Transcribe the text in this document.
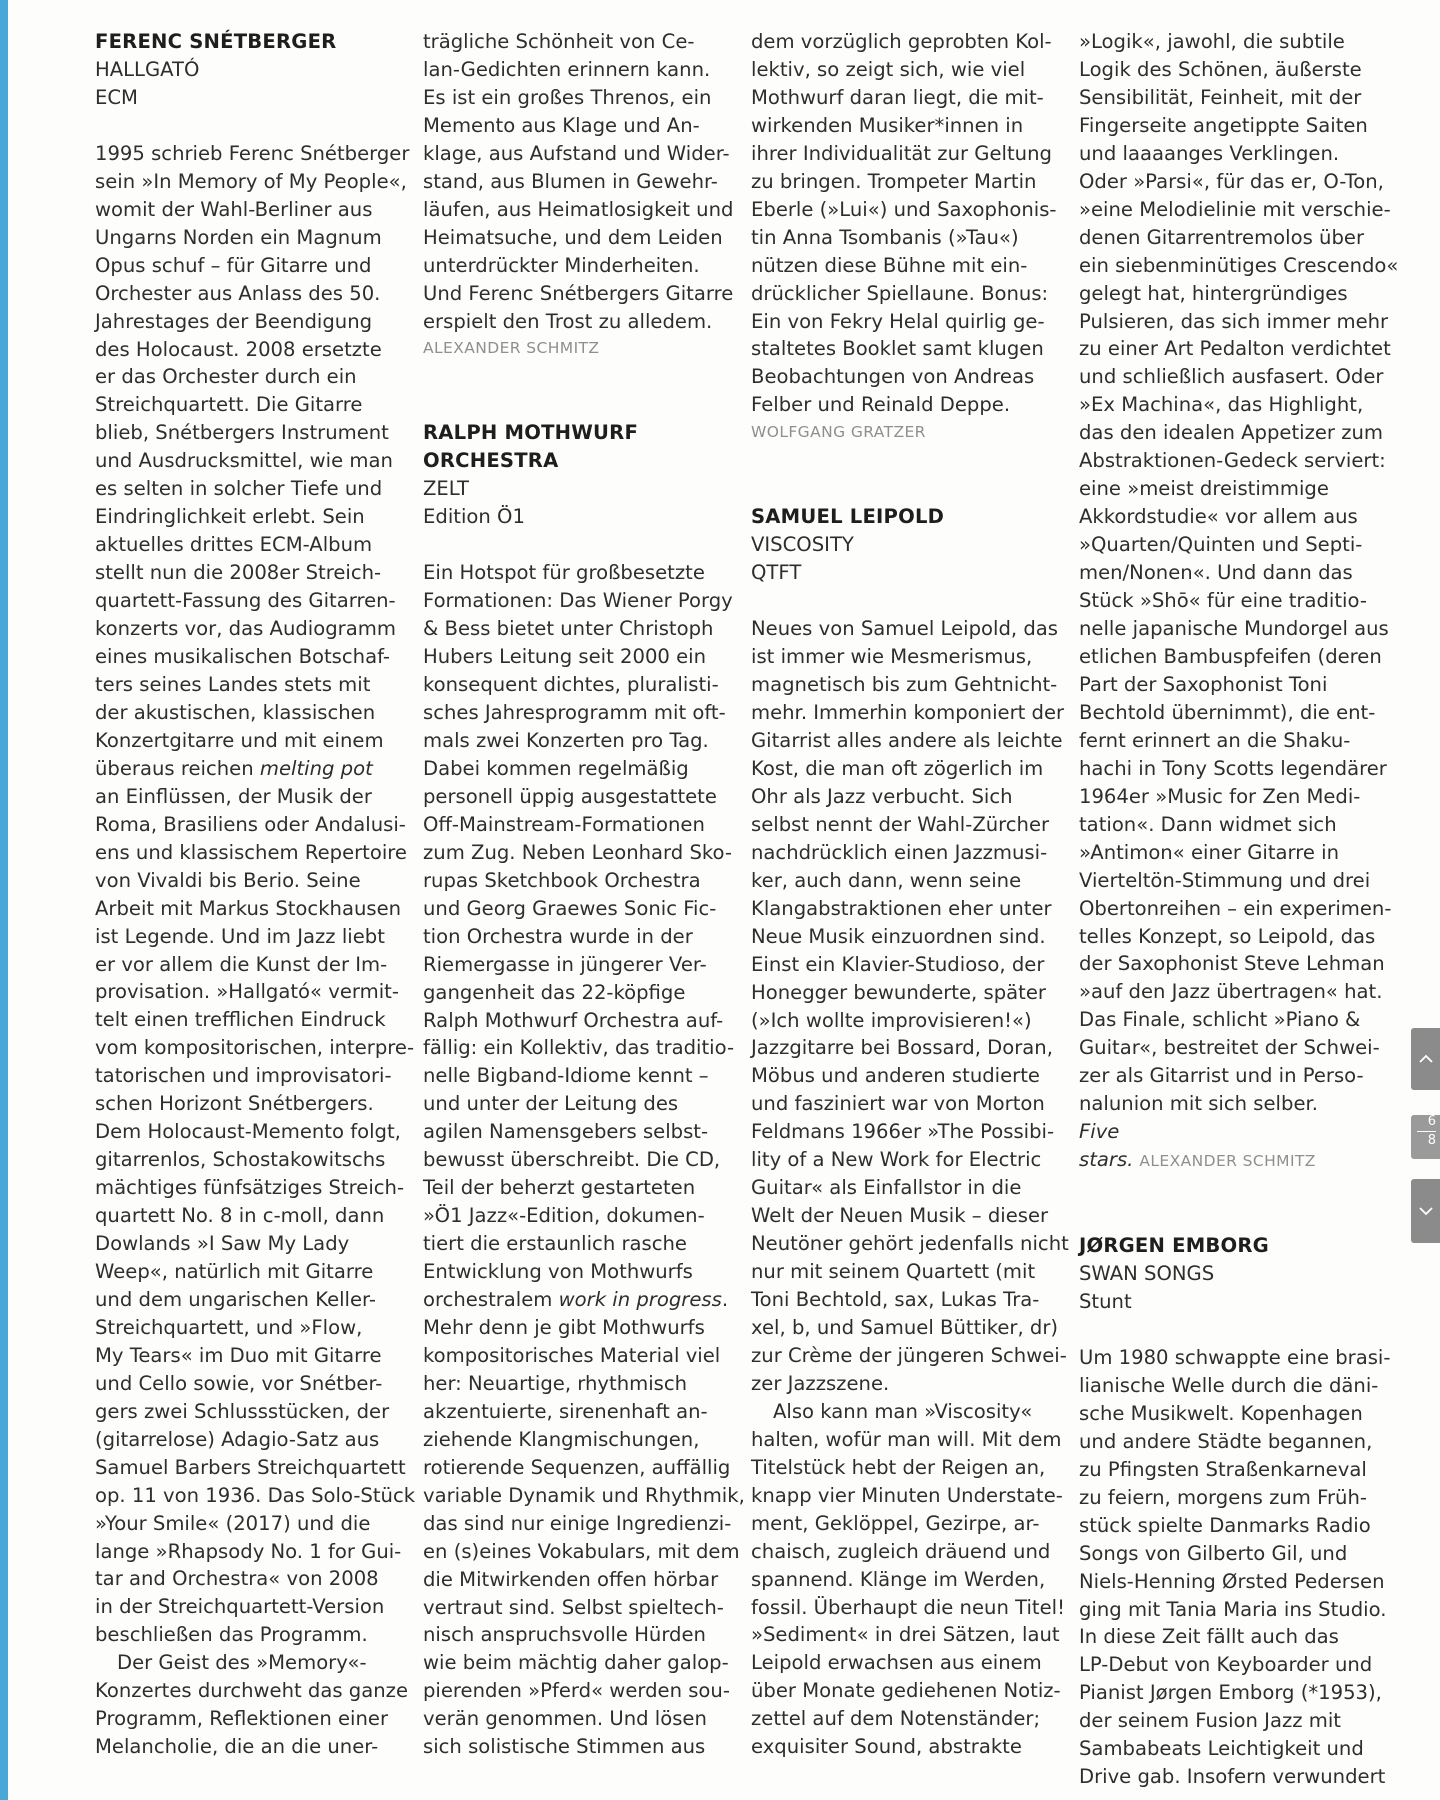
FERENC SNÉTBERGER

HALLGATÓ

ECM

1995 schrieb Ferenc Snétberger

sein »In Memory of My People«,

womit der Wahl-Berliner aus

Ungarns Norden ein Magnum

Opus schuf – für Gitarre und

Orchester aus Anlass des 50.

Jahrestages der Beendigung

des Holocaust. 2008 ersetzte

er das Orchester durch ein

Streichquartett. Die Gitarre

blieb, Snétbergers Instrument

und Ausdrucksmittel, wie man

es selten in solcher Tiefe und

Eindringlichkeit erlebt. Sein

aktuelles drittes ECM-Album

stellt nun die 2008er Streich-

quartett-Fassung des Gitarren-

konzerts vor, das Audiogramm

eines musikalischen Botschaf-

ters seines Landes stets mit

der akustischen, klassischen

Konzertgitarre und mit einem

überaus reichen melting pot

an Einflüssen, der Musik der

Roma, Brasiliens oder Andalusi-

ens und klassischem Repertoire

von Vivaldi bis Berio. Seine

Arbeit mit Markus Stockhausen

ist Legende. Und im Jazz liebt

er vor allem die Kunst der Im-

provisation. »Hallgató« vermit-

telt einen trefflichen Eindruck

vom kompositorischen, interpre-

tatorischen und improvisatori-

schen Horizont Snétbergers.

Dem Holocaust-Memento folgt,

gitarrenlos, Schostakowitschs

mächtiges fünfsätziges Streich-

quartett No. 8 in c-moll, dann

Dowlands »I Saw My Lady

Weep«, natürlich mit Gitarre

und dem ungarischen Keller-

Streichquartett, und »Flow,

My Tears« im Duo mit Gitarre

und Cello sowie, vor Snétber-

gers zwei Schlussstücken, der

(gitarrelose) Adagio-Satz aus

Samuel Barbers Streichquartett

op. 11 von 1936. Das Solo-Stück

»Your Smile« (2017) und die

lange »Rhapsody No. 1 for Gui-

tar and Orchestra« von 2008

in der Streichquartett-Version

beschließen das Programm.

Der Geist des »Memory«-

Konzertes durchweht das ganze

Programm, Reflektionen einer

Melancholie, die an die uner-

trägliche Schönheit von Ce-

lan-Gedichten erinnern kann.

Es ist ein großes Threnos, ein

Memento aus Klage und An-

klage, aus Aufstand und Wider-

stand, aus Blumen in Gewehr-

läufen, aus Heimatlosigkeit und

Heimatsuche, und dem Leiden

unterdrückter Minderheiten.

Und Ferenc Snétbergers Gitarre

erspielt den Trost zu alledem.

ALEXANDER SCHMITZ

RALPH MOTHWURF

ORCHESTRA

ZELT

Edition Ö1

Ein Hotspot für großbesetzte

Formationen: Das Wiener Porgy

& Bess bietet unter Christoph

Hubers Leitung seit 2000 ein

konsequent dichtes, pluralisti-

sches Jahresprogramm mit oft-

mals zwei Konzerten pro Tag.

Dabei kommen regelmäßig

personell üppig ausgestattete

Off-Mainstream-Formationen

zum Zug. Neben Leonhard Sko-

rupas Sketchbook Orchestra

und Georg Graewes Sonic Fic-

tion Orchestra wurde in der

Riemergasse in jüngerer Ver-

gangenheit das 22-köpfige

Ralph Mothwurf Orchestra auf-

fällig: ein Kollektiv, das traditio-

nelle Bigband-Idiome kennt –

und unter der Leitung des

agilen Namensgebers selbst-

bewusst überschreibt. Die CD,

Teil der beherzt gestarteten

»Ö1 Jazz«-Edition, dokumen-

tiert die erstaunlich rasche

Entwicklung von Mothwurfs

orchestralem work in progress.

Mehr denn je gibt Mothwurfs

kompositorisches Material viel

her: Neuartige, rhythmisch

akzentuierte, sirenenhaft an-

ziehende Klangmischungen,

rotierende Sequenzen, auffällig

variable Dynamik und Rhythmik,

das sind nur einige Ingredienzi-

en (s)eines Vokabulars, mit dem

die Mitwirkenden offen hörbar

vertraut sind. Selbst spieltech-

nisch anspruchsvolle Hürden

wie beim mächtig daher galop-

pierenden »Pferd« werden sou-

verän genommen. Und lösen

sich solistische Stimmen aus

dem vorzüglich geprobten Kol-

lektiv, so zeigt sich, wie viel

Mothwurf daran liegt, die mit-

wirkenden Musiker*innen in

ihrer Individualität zur Geltung

zu bringen. Trompeter Martin

Eberle (»Lui«) und Saxophonis-

tin Anna Tsombanis (»Tau«)

nützen diese Bühne mit ein-

drücklicher Spiellaune. Bonus:

Ein von Fekry Helal quirlig ge-

staltetes Booklet samt klugen

Beobachtungen von Andreas

Felber und Reinald Deppe.

WOLFGANG GRATZER

SAMUEL LEIPOLD

VISCOSITY

QTFT

Neues von Samuel Leipold, das

ist immer wie Mesmerismus,

magnetisch bis zum Gehtnicht-

mehr. Immerhin komponiert der

Gitarrist alles andere als leichte

Kost, die man oft zögerlich im

Ohr als Jazz verbucht. Sich

selbst nennt der Wahl-Zürcher

nachdrücklich einen Jazzmusi-

ker, auch dann, wenn seine

Klangabstraktionen eher unter

Neue Musik einzuordnen sind.

Einst ein Klavier-Studioso, der

Honegger bewunderte, später

(»Ich wollte improvisieren!«)

Jazzgitarre bei Bossard, Doran,

Möbus und anderen studierte

und fasziniert war von Morton

Feldmans 1966er »The Possibi-

lity of a New Work for Electric

Guitar« als Einfallstor in die

Welt der Neuen Musik – dieser

Neutöner gehört jedenfalls nicht

nur mit seinem Quartett (mit

Toni Bechtold, sax, Lukas Tra-

xel, b, und Samuel Büttiker, dr)

zur Crème der jüngeren Schwei-

zer Jazzszene.

Also kann man »Viscosity«

halten, wofür man will. Mit dem

Titelstück hebt der Reigen an,

knapp vier Minuten Understate-

ment, Geklöppel, Gezirpe, ar-

chaisch, zugleich dräuend und

spannend. Klänge im Werden,

fossil. Überhaupt die neun Titel!

»Sediment« in drei Sätzen, laut

Leipold erwachsen aus einem

über Monate gediehenen Notiz-

zettel auf dem Notenständer;

exquisiter Sound, abstrakte

»Logik«, jawohl, die subtile

Logik des Schönen, äußerste

Sensibilität, Feinheit, mit der

Fingerseite angetippte Saiten

und laaaanges Verklingen.

Oder »Parsi«, für das er, O-Ton,

»eine Melodielinie mit verschie-

denen Gitarrentremolos über

ein siebenminütiges Crescendo«

gelegt hat, hintergründiges

Pulsieren, das sich immer mehr

zu einer Art Pedalton verdichtet

und schließlich ausfasert. Oder

»Ex Machina«, das Highlight,

das den idealen Appetizer zum

Abstraktionen-Gedeck serviert:

eine »meist dreistimmige

Akkordstudie« vor allem aus

»Quarten/Quinten und Septi-

men/Nonen«. Und dann das

Stück »Shō« für eine traditio-

nelle japanische Mundorgel aus

etlichen Bambuspfeifen (deren

Part der Saxophonist Toni

Bechtold übernimmt), die ent-

fernt erinnert an die Shaku-

hachi in Tony Scotts legendärer

1964er »Music for Zen Medi-

tation«. Dann widmet sich

»Antimon« einer Gitarre in

Vierteltön-Stimmung und drei

Obertonreihen – ein experimen-

telles Konzept, so Leipold, das

der Saxophonist Steve Lehman

»auf den Jazz übertragen« hat.

Das Finale, schlicht »Piano &

Guitar«, bestreitet der Schwei-

zer als Gitarrist und in Perso-

nalunion mit sich selber.

Five

stars. ALEXANDER SCHMITZ

JØRGEN EMBORG

SWAN SONGS

Stunt

Um 1980 schwappte eine brasi-

lianische Welle durch die däni-

sche Musikwelt. Kopenhagen

und andere Städte begannen,

zu Pfingsten Straßenkarneval

zu feiern, morgens zum Früh-

stück spielte Danmarks Radio

Songs von Gilberto Gil, und

Niels-Henning Ørsted Pedersen

ging mit Tania Maria ins Studio.

In diese Zeit fällt auch das

LP-Debut von Keyboarder und

Pianist Jørgen Emborg (*1953),

der seinem Fusion Jazz mit

Sambabeats Leichtigkeit und

Drive gab. Insofern verwundert

6
8
